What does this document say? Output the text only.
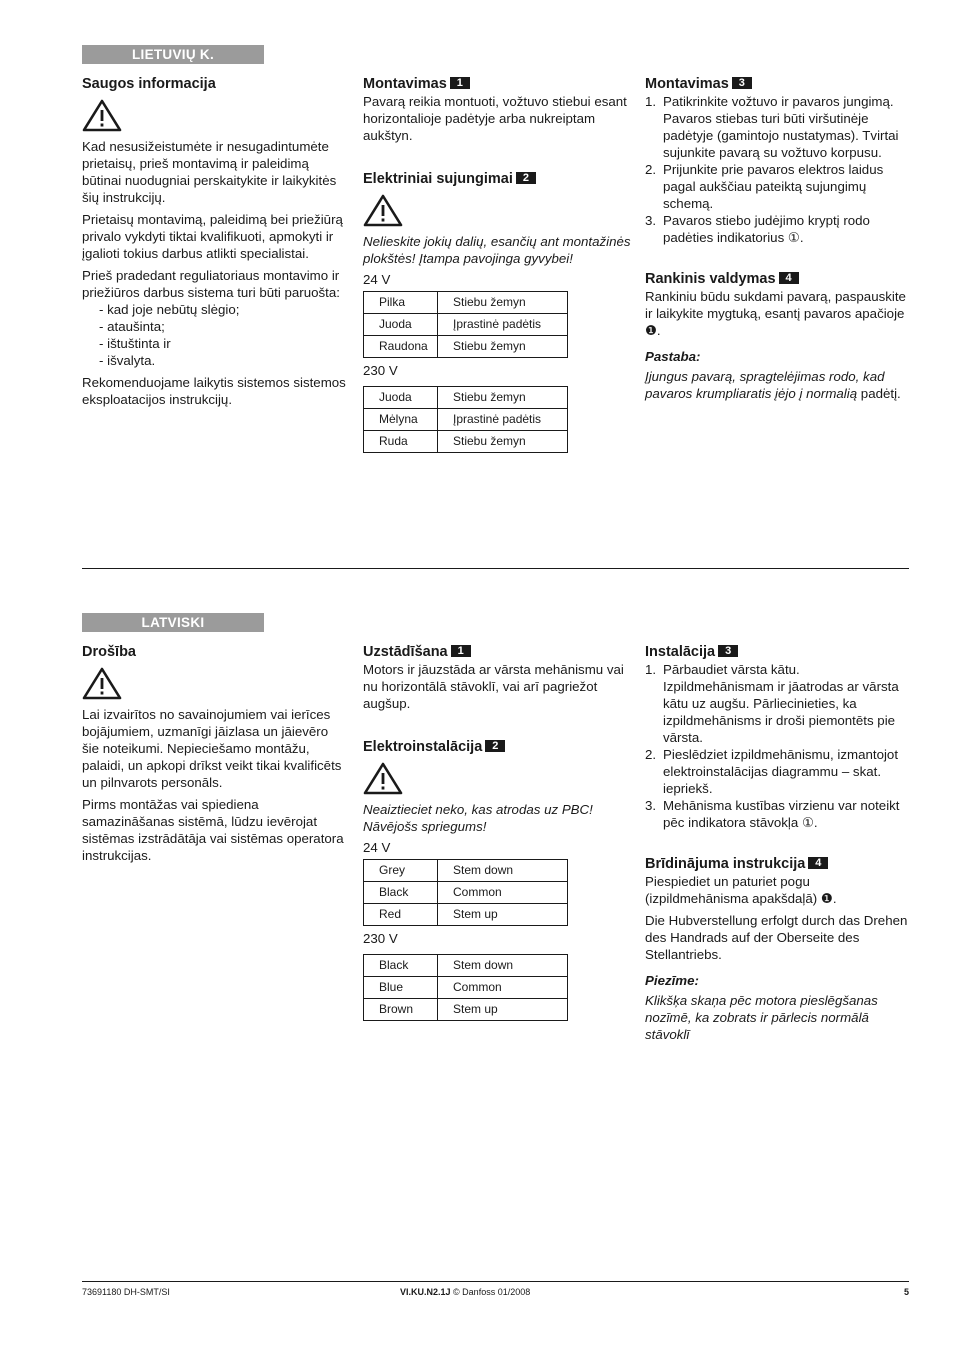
LIETUVIŲ K.
Saugos informacija

Kad nesusižeistumėte ir nesugadintumėte prietaisų, prieš montavimą ir paleidimą būtinai nuodugniai perskaitykite ir laikykitės šių instrukcijų.

Prietaisų montavimą, paleidimą bei priežiūrą privalo vykdyti tiktai kvalifikuoti, apmokyti ir įgalioti tokius darbus atlikti specialistai.

Prieš pradedant reguliatoriaus montavimo ir priežiūros darbus sistema turi būti paruošta:

- kad joje nebūtų slėgio;
- ataušinta;
- ištuštinta ir
- išvalyta.

Rekomenduojame laikytis sistemos sistemos eksploatacijos instrukcijų.

Montavimas 1

Pavarą reikia montuoti, vožtuvo stiebui esant horizontalioje padėtyje arba nukreiptam aukštyn.

Elektriniai sujungimai 2

Nelieskite jokių dalių, esančių ant montažinės plokštės! Įtampa pavojinga gyvybei!

24 V

Pilka	Stiebu žemyn
Juoda	Įprastinė padėtis
Raudona	Stiebu žemyn

230 V

Juoda	Stiebu žemyn
Mėlyna	Įprastinė padėtis
Ruda	Stiebu žemyn
Montavimas 3
1. Patikrinkite vožtuvo ir pavaros jungimą. Pavaros stiebas turi būti viršutinėje padėtyje (gamintojo nustatymas). Tvirtai sujunkite pavarą su vožtuvo korpusu.
2. Prijunkite prie pavaros elektros laidus pagal aukščiau pateiktą sujungimų schemą.
3. Pavaros stiebo judėjimo kryptį rodo padėties indikatorius ①.
Rankinis valdymas 4

Rankiniu būdu sukdami pavarą, paspauskite ir laikykite mygtuką, esantį pavaros apačioje ❶.

Pastaba:

Įjungus pavarą, spragtelėjimas rodo, kad pavaros krumpliaratis įėjo į normalią padėtį.

LATVISKI
Drošība

Lai izvairītos no savainojumiem vai ierīces bojājumiem, uzmanīgi jāizlasa un jāievēro šie noteikumi. Nepieciešamo montāžu, palaidi, un apkopi drīkst veikt tikai kvalificēts un pilnvarots personāls.

Pirms montāžas vai spiediena samazināšanas sistēmā, lūdzu ievērojat sistēmas izstrādātāja vai sistēmas operatora instrukcijas.

Uzstādīšana 1

Motors ir jāuzstāda ar vārsta mehānismu vai nu horizontālā stāvoklī, vai arī pagriežot augšup.

Elektroinstalācija 2

Neaiztieciet neko, kas atrodas uz PBC! Nāvējošs spriegums!

24 V

Grey	Stem down
Black	Common
Red	Stem up

230 V

Black	Stem down
Blue	Common
Brown	Stem up
Instalācija 3
1. Pārbaudiet vārsta kātu. Izpildmehānismam ir jāatrodas ar vārsta kātu uz augšu. Pārliecinieties, ka izpildmehānisms ir droši piemontēts pie vārsta.
2. Pieslēdziet izpildmehānismu, izmantojot elektroinstalācijas diagrammu – skat. iepriekš.
3. Mehānisma kustības virzienu var noteikt pēc indikatora stāvokļa ①.
Brīdinājuma instrukcija 4

Piespiediet un paturiet pogu (izpildmehānisma apakšdaļā) ❶.

Die Hubverstellung erfolgt durch das Drehen des Handrads auf der Oberseite des Stellantriebs.

Piezīme:

Klikšķa skaņa pēc motora pieslēgšanas nozīmē, ka zobrats ir pārlecis normālā stāvoklī

73691180 DH-SMT/SI	VI.KU.N2.1J © Danfoss 01/2008	5
